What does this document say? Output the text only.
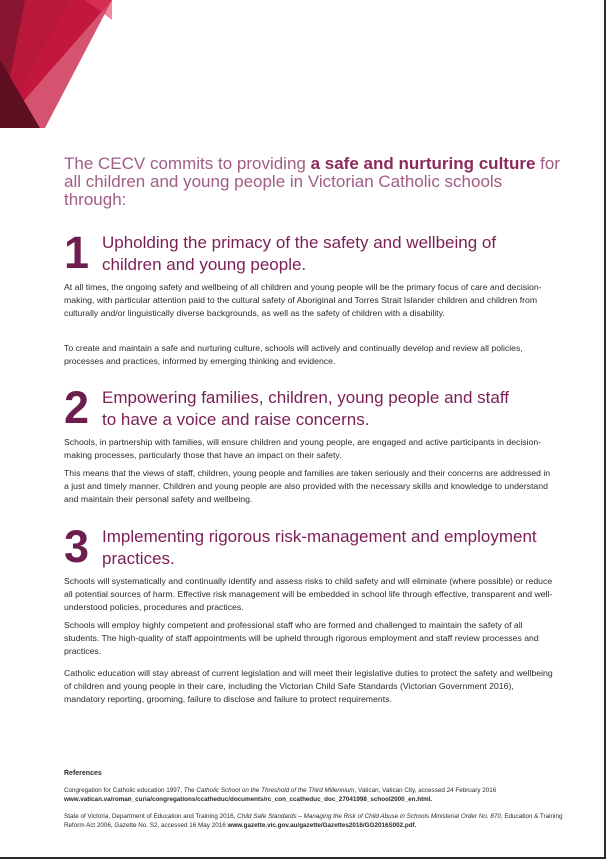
The CECV commits to providing a safe and nurturing culture for all children and young people in Victorian Catholic schools through:
1 Upholding the primacy of the safety and wellbeing of
children and young people.
At all times, the ongoing safety and wellbeing of all children and young people will be the primary focus of care and decision-making, with particular attention paid to the cultural safety of Aboriginal and Torres Strait Islander children and children from culturally and/or linguistically diverse backgrounds, as well as the safety of children with a disability.
To create and maintain a safe and nurturing culture, schools will actively and continually develop and review all policies, processes and practices, informed by emerging thinking and evidence.
2 Empowering families, children, young people and staff
to have a voice and raise concerns.
Schools, in partnership with families, will ensure children and young people, are engaged and active participants in decision-making processes, particularly those that have an impact on their safety.
This means that the views of staff, children, young people and families are taken seriously and their concerns are addressed in a just and timely manner. Children and young people are also provided with the necessary skills and knowledge to understand and maintain their personal safety and wellbeing.
3 Implementing rigorous risk-management and employment
practices.
Schools will systematically and continually identify and assess risks to child safety and will eliminate (where possible) or reduce all potential sources of harm. Effective risk management will be embedded in school life through effective, transparent and well-understood policies, procedures and practices.
Schools will employ highly competent and professional staff who are formed and challenged to maintain the safety of all students. The high-quality of staff appointments will be upheld through rigorous employment and staff review processes and practices.
Catholic education will stay abreast of current legislation and will meet their legislative duties to protect the safety and wellbeing of children and young people in their care, including the Victorian Child Safe Standards (Victorian Government 2016), mandatory reporting, grooming, failure to disclose and failure to protect requirements.
References
Congregation for Catholic education 1997, The Catholic School on the Threshold of the Third Millennium, Vatican, Vatican City, accessed 24 February 2016
www.vatican.va/roman_curia/congregations/ccatheduc/documents/rc_con_ccatheduc_doc_27041998_school2000_en.html.
State of Victoria, Department of Education and Training 2016, Child Safe Standards – Managing the Risk of Child Abuse in Schools Ministerial Order No. 870, Education & Training Reform Act 2006, Gazette No. S2, accessed 16 May 2016 www.gazette.vic.gov.au/gazette/Gazettes2016/GG2016S002.pdf.
